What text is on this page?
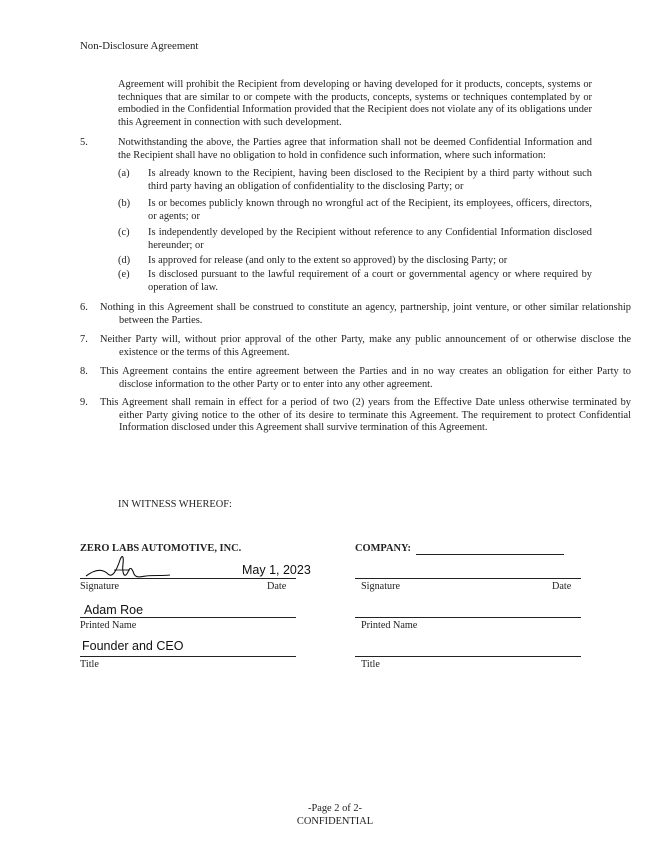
Non-Disclosure Agreement
Agreement will prohibit the Recipient from developing or having developed for it products, concepts, systems or techniques that are similar to or compete with the products, concepts, systems or techniques contemplated by or embodied in the Confidential Information provided that the Recipient does not violate any of its obligations under this Agreement in connection with such development.
5.	Notwithstanding the above, the Parties agree that information shall not be deemed Confidential Information and the Recipient shall have no obligation to hold in confidence such information, where such information:
(a) Is already known to the Recipient, having been disclosed to the Recipient by a third party without such third party having an obligation of confidentiality to the disclosing Party; or
(b) Is or becomes publicly known through no wrongful act of the Recipient, its employees, officers, directors, or agents; or
(c) Is independently developed by the Recipient without reference to any Confidential Information disclosed hereunder; or
(d) Is approved for release (and only to the extent so approved) by the disclosing Party; or
(e) Is disclosed pursuant to the lawful requirement of a court or governmental agency or where required by operation of law.
6. Nothing in this Agreement shall be construed to constitute an agency, partnership, joint venture, or other similar relationship between the Parties.
7. Neither Party will, without prior approval of the other Party, make any public announcement of or otherwise disclose the existence or the terms of this Agreement.
8. This Agreement contains the entire agreement between the Parties and in no way creates an obligation for either Party to disclose information to the other Party or to enter into any other agreement.
9. This Agreement shall remain in effect for a period of two (2) years from the Effective Date unless otherwise terminated by either Party giving notice to the other of its desire to terminate this Agreement. The requirement to protect Confidential Information disclosed under this Agreement shall survive termination of this Agreement.
IN WITNESS WHEREOF:
ZERO LABS AUTOMOTIVE, INC.
May 1, 2023
Signature	Date
Adam Roe
Printed Name
Founder and CEO
Title
COMPANY:
Signature	Date
Printed Name
Title
-Page 2 of 2-
CONFIDENTIAL
